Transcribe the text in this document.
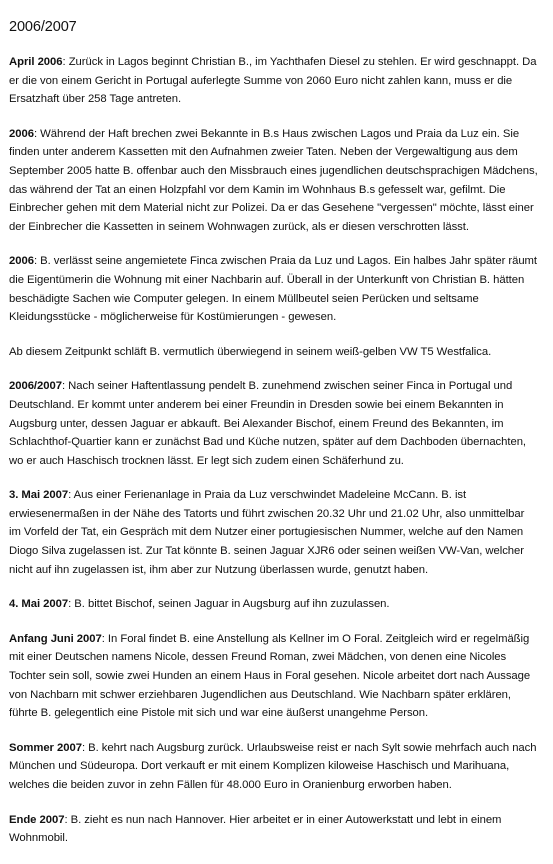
2006/2007

April 2006: Zurück in Lagos beginnt Christian B., im Yachthafen Diesel zu stehlen. Er wird geschnappt. Da er die von einem Gericht in Portugal auferlegte Summe von 2060 Euro nicht zahlen kann, muss er die Ersatzhaft über 258 Tage antreten.

2006: Während der Haft brechen zwei Bekannte in B.s Haus zwischen Lagos und Praia da Luz ein. Sie finden unter anderem Kassetten mit den Aufnahmen zweier Taten. Neben der Vergewaltigung aus dem September 2005 hatte B. offenbar auch den Missbrauch eines jugendlichen deutschsprachigen Mädchens, das während der Tat an einen Holzpfahl vor dem Kamin im Wohnhaus B.s gefesselt war, gefilmt. Die Einbrecher gehen mit dem Material nicht zur Polizei. Da er das Gesehene "vergessen" möchte, lässt einer der Einbrecher die Kassetten in seinem Wohnwagen zurück, als er diesen verschrotten lässt.

2006: B. verlässt seine angemietete Finca zwischen Praia da Luz und Lagos. Ein halbes Jahr später räumt die Eigentümerin die Wohnung mit einer Nachbarin auf. Überall in der Unterkunft von Christian B. hätten beschädigte Sachen wie Computer gelegen. In einem Müllbeutel seien Perücken und seltsame Kleidungsstücke - möglicherweise für Kostümierungen - gewesen.

Ab diesem Zeitpunkt schläft B. vermutlich überwiegend in seinem weiß-gelben VW T5 Westfalica.

2006/2007: Nach seiner Haftentlassung pendelt B. zunehmend zwischen seiner Finca in Portugal und Deutschland. Er kommt unter anderem bei einer Freundin in Dresden sowie bei einem Bekannten in Augsburg unter, dessen Jaguar er abkauft. Bei Alexander Bischof, einem Freund des Bekannten, im Schlachthof-Quartier kann er zunächst Bad und Küche nutzen, später auf dem Dachboden übernachten, wo er auch Haschisch trocknen lässt. Er legt sich zudem einen Schäferhund zu.

3. Mai 2007: Aus einer Ferienanlage in Praia da Luz verschwindet Madeleine McCann. B. ist erwiesenermaßen in der Nähe des Tatorts und führt zwischen 20.32 Uhr und 21.02 Uhr, also unmittelbar im Vorfeld der Tat, ein Gespräch mit dem Nutzer einer portugiesischen Nummer, welche auf den Namen Diogo Silva zugelassen ist. Zur Tat könnte B. seinen Jaguar XJR6 oder seinen weißen VW-Van, welcher nicht auf ihn zugelassen ist, ihm aber zur Nutzung überlassen wurde, genutzt haben.

4. Mai 2007: B. bittet Bischof, seinen Jaguar in Augsburg auf ihn zuzulassen.

Anfang Juni 2007: In Foral findet B. eine Anstellung als Kellner im O Foral. Zeitgleich wird er regelmäßig mit einer Deutschen namens Nicole, dessen Freund Roman, zwei Mädchen, von denen eine Nicoles Tochter sein soll, sowie zwei Hunden an einem Haus in Foral gesehen. Nicole arbeitet dort nach Aussage von Nachbarn mit schwer erziehbaren Jugendlichen aus Deutschland. Wie Nachbarn später erklären, führte B. gelegentlich eine Pistole mit sich und war eine äußerst unangehme Person.

Sommer 2007: B. kehrt nach Augsburg zurück. Urlaubsweise reist er nach Sylt sowie mehrfach auch nach München und Südeuropa. Dort verkauft er mit einem Komplizen kiloweise Haschisch und Marihuana, welches die beiden zuvor in zehn Fällen für 48.000 Euro in Oranienburg erworben haben.

Ende 2007: B. zieht es nun nach Hannover. Hier arbeitet er in einer Autowerkstatt und lebt in einem Wohnmobil.
